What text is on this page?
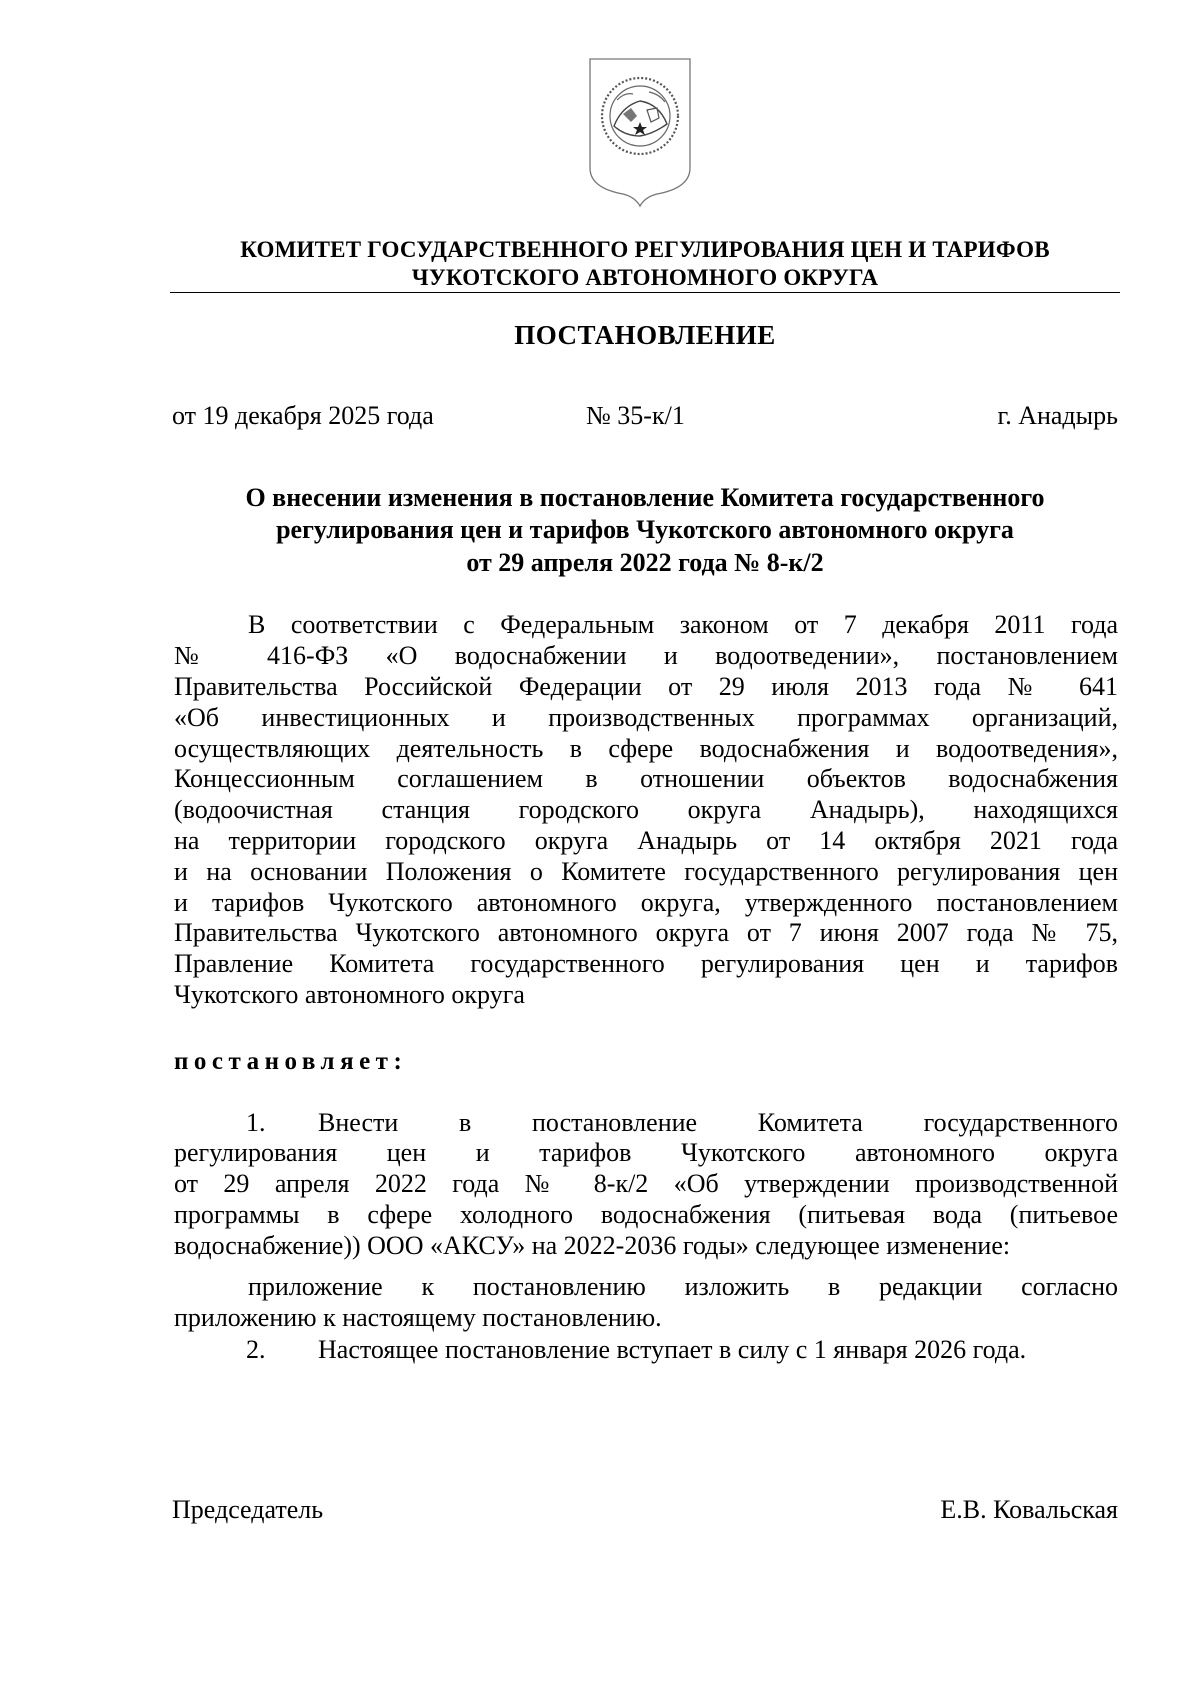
КОМИТЕТ ГОСУДАРСТВЕННОГО РЕГУЛИРОВАНИЯ ЦЕН И ТАРИФОВ
ЧУКОТСКОГО АВТОНОМНОГО ОКРУГА
ПОСТАНОВЛЕНИЕ
от 19 декабря 2025 года	№ 35-к/1	г. Анадырь
О внесении изменения в постановление Комитета государственного
регулирования цен и тарифов Чукотского автономного округа
от 29 апреля 2022 года № 8-к/2
В соответствии с Федеральным законом от 7 декабря 2011 года
№ 416-ФЗ «О водоснабжении и водоотведении», постановлением
Правительства Российской Федерации от 29 июля 2013 года № 641
«Об инвестиционных и производственных программах организаций,
осуществляющих деятельность в сфере водоснабжения и водоотведения»,
Концессионным соглашением в отношении объектов водоснабжения
(водоочистная станция городского округа Анадырь), находящихся
на территории городского округа Анадырь от 14 октября 2021 года
и на основании Положения о Комитете государственного регулирования цен
и тарифов Чукотского автономного округа, утвержденного постановлением
Правительства Чукотского автономного округа от 7 июня 2007 года № 75,
Правление Комитета государственного регулирования цен и тарифов
Чукотского автономного округа
постановляет:
1. Внести в постановление Комитета государственного
регулирования цен и тарифов Чукотского автономного округа
от 29 апреля 2022 года № 8-к/2 «Об утверждении производственной
программы в сфере холодного водоснабжения (питьевая вода (питьевое
водоснабжение)) ООО «АКСУ» на 2022-2036 годы» следующее изменение:
приложение к постановлению изложить в редакции согласно
приложению к настоящему постановлению.
2. Настоящее постановление вступает в силу с 1 января 2026 года.
Председатель	Е.В. Ковальская
